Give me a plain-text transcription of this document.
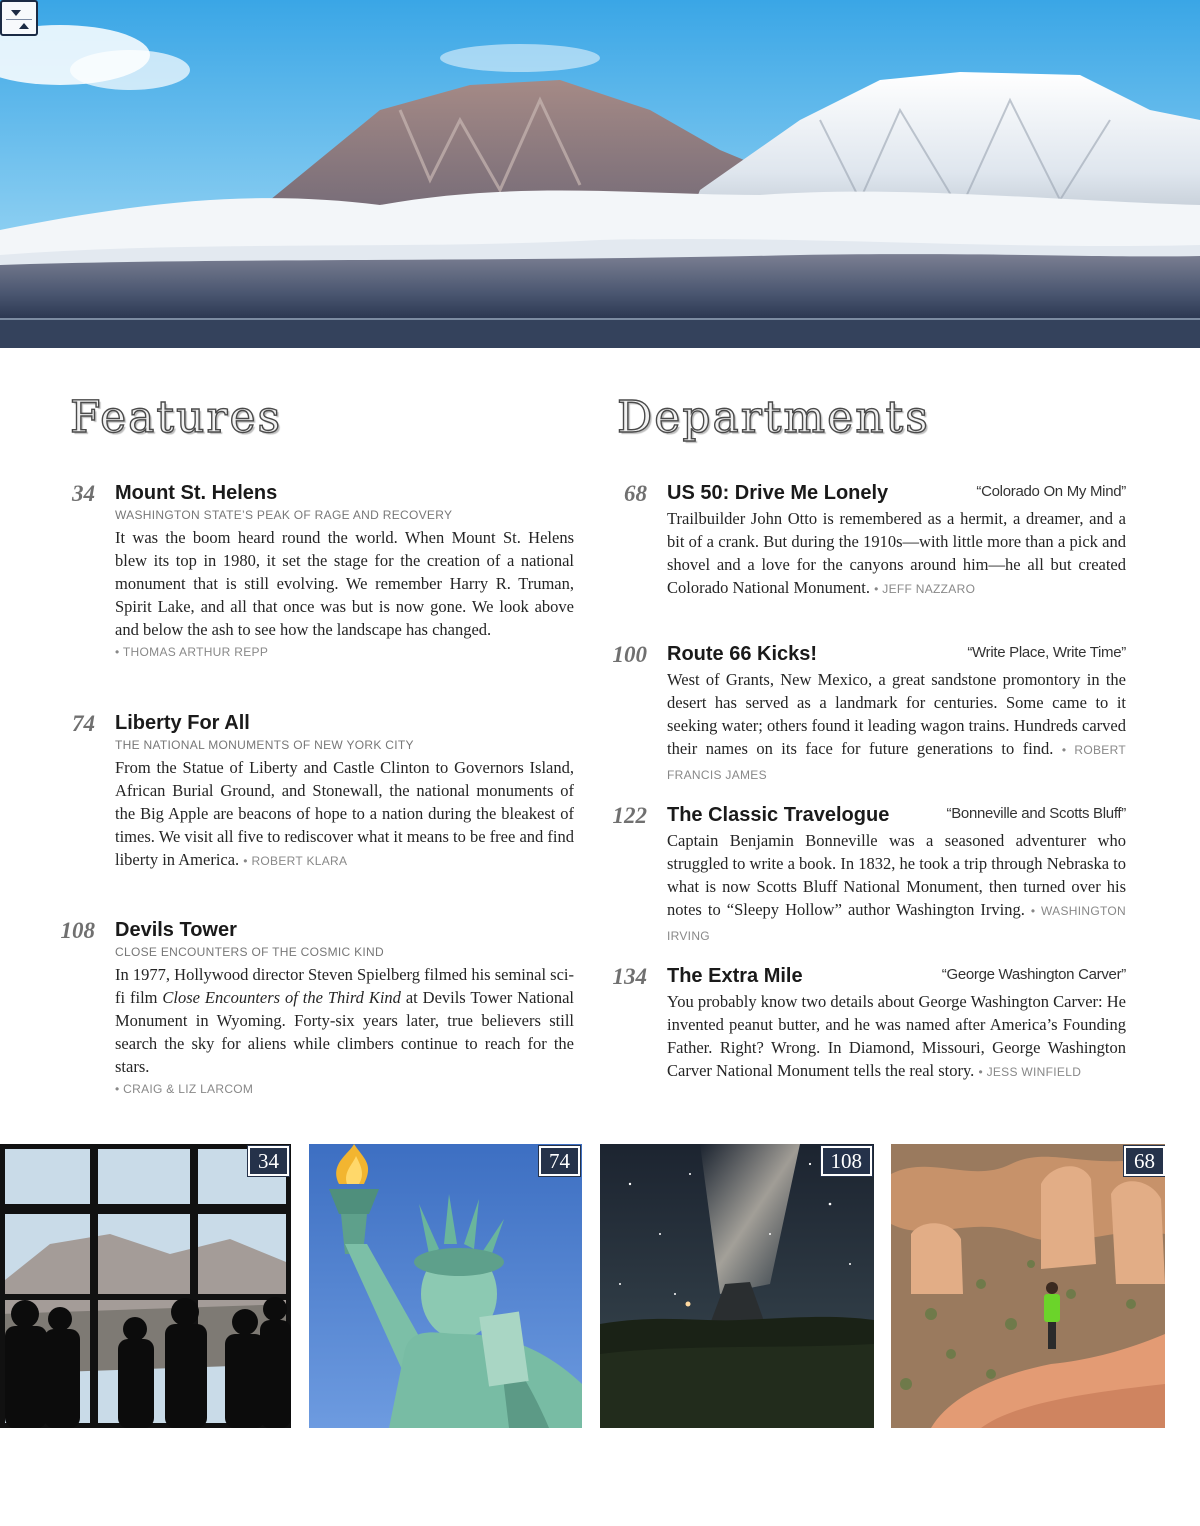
Features	Departments
34 Mount St. Helens
WASHINGTON STATE’S PEAK OF RAGE AND RECOVERY
It was the boom heard round the world. When Mount St. Helens blew its top in 1980, it set the stage for the creation of a national monument that is still evolving. We remember Harry R. Truman, Spirit Lake, and all that once was but is now gone. We look above and below the ash to see how the landscape has changed.
• THOMAS ARTHUR REPP
74 Liberty For All
THE NATIONAL MONUMENTS OF NEW YORK CITY
From the Statue of Liberty and Castle Clinton to Governors Island, African Burial Ground, and Stonewall, the national monuments of the Big Apple are beacons of hope to a nation during the bleakest of times. We visit all five to rediscover what it means to be free and find liberty in America. • ROBERT KLARA
108 Devils Tower
CLOSE ENCOUNTERS OF THE COSMIC KIND
In 1977, Hollywood director Steven Spielberg filmed his seminal sci-fi film Close Encounters of the Third Kind at Devils Tower National Monument in Wyoming. Forty-six years later, true believers still search the sky for aliens while climbers continue to reach for the stars.
• CRAIG & LIZ LARCOM
68 US 50: Drive Me Lonely	“Colorado On My Mind”
Trailbuilder John Otto is remembered as a hermit, a dreamer, and a bit of a crank. But during the 1910s—with little more than a pick and shovel and a love for the canyons around him—he all but created Colorado National Monument. • JEFF NAZZARO
100 Route 66 Kicks!	“Write Place, Write Time”
West of Grants, New Mexico, a great sandstone promontory in the desert has served as a landmark for centuries. Some came to it seeking water; others found it leading wagon trains. Hundreds carved their names on its face for future generations to find. • ROBERT FRANCIS JAMES
122 The Classic Travelogue	“Bonneville and Scotts Bluff”
Captain Benjamin Bonneville was a seasoned adventurer who struggled to write a book. In 1832, he took a trip through Nebraska to what is now Scotts Bluff National Monument, then turned over his notes to “Sleepy Hollow” author Washington Irving. • WASHINGTON IRVING
134 The Extra Mile	“George Washington Carver”
You probably know two details about George Washington Carver: He invented peanut butter, and he was named after America’s Founding Father. Right? Wrong. In Diamond, Missouri, George Washington Carver National Monument tells the real story. • JESS WINFIELD
34	74	108	68
